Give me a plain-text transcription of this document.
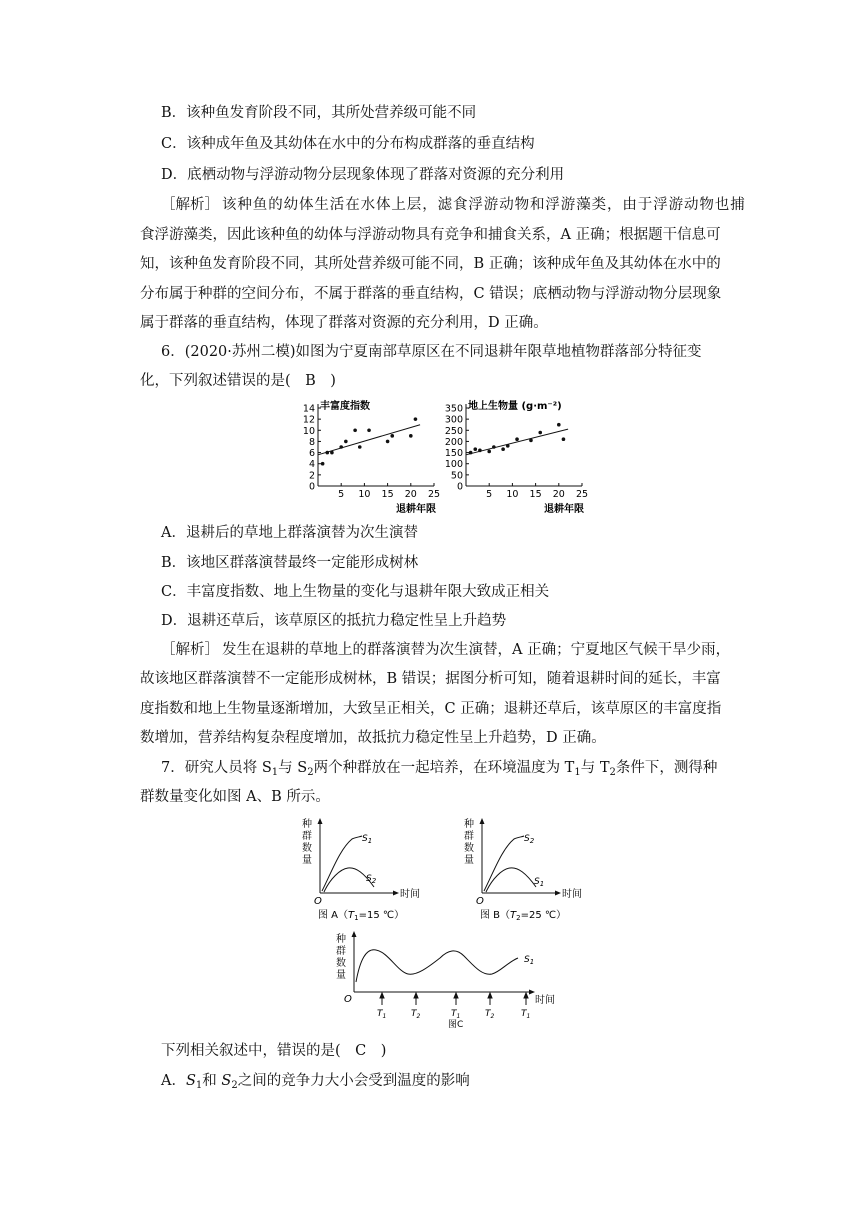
B．该种鱼发育阶段不同，其所处营养级可能不同
C．该种成年鱼及其幼体在水中的分布构成群落的垂直结构
D．底栖动物与浮游动物分层现象体现了群落对资源的充分利用
［解析］ 该种鱼的幼体生活在水体上层，滤食浮游动物和浮游藻类，由于浮游动物也捕
食浮游藻类，因此该种鱼的幼体与浮游动物具有竞争和捕食关系，A 正确；根据题干信息可
知，该种鱼发育阶段不同，其所处营养级可能不同，B 正确；该种成年鱼及其幼体在水中的
分布属于种群的空间分布，不属于群落的垂直结构，C 错误；底栖动物与浮游动物分层现象
属于群落的垂直结构，体现了群落对资源的充分利用，D 正确。
6．(2020·苏州二模)如图为宁夏南部草原区在不同退耕年限草地植物群落部分特征变
化，下列叙述错误的是(　B　)
0
2
4
6
8
10
12
14
5 10 15 20 25
丰富度指数
退耕年限
0
50
100
150
200
250
300
350
5 10 15 20 25
地上生物量 (g·m⁻²)
退耕年限
A．退耕后的草地上群落演替为次生演替
B．该地区群落演替最终一定能形成树林
C．丰富度指数、地上生物量的变化与退耕年限大致成正相关
D．退耕还草后，该草原区的抵抗力稳定性呈上升趋势
［解析］ 发生在退耕的草地上的群落演替为次生演替，A 正确；宁夏地区气候干旱少雨，
故该地区群落演替不一定能形成树林，B 错误；据图分析可知，随着退耕时间的延长，丰富
度指数和地上生物量逐渐增加，大致呈正相关，C 正确；退耕还草后，该草原区的丰富度指
数增加，营养结构复杂程度增加，故抵抗力稳定性呈上升趋势，D 正确。
7．研究人员将 $S_1$与 $S_2$两个种群放在一起培养，在环境温度为 $T_1$与 $T_2$条件下，测得种
群数量变化如图 A、B 所示。
种
群
数
量
O
时间
$S_1$
$S_2$
图 $A(T_1=15$ ℃）
种
群
数
量
O
时间
$S_2$
$S_1$
图 $B(T_2=25$ ℃）
种
群
数
量
O	时间
$S_1$
$T_1$	$T_2$	$T_1$	$T_2$	$T_1$
图C
下列相关叙述中，错误的是(　C　)
A．$S_1$和 $S_2$之间的竞争力大小会受到温度的影响
